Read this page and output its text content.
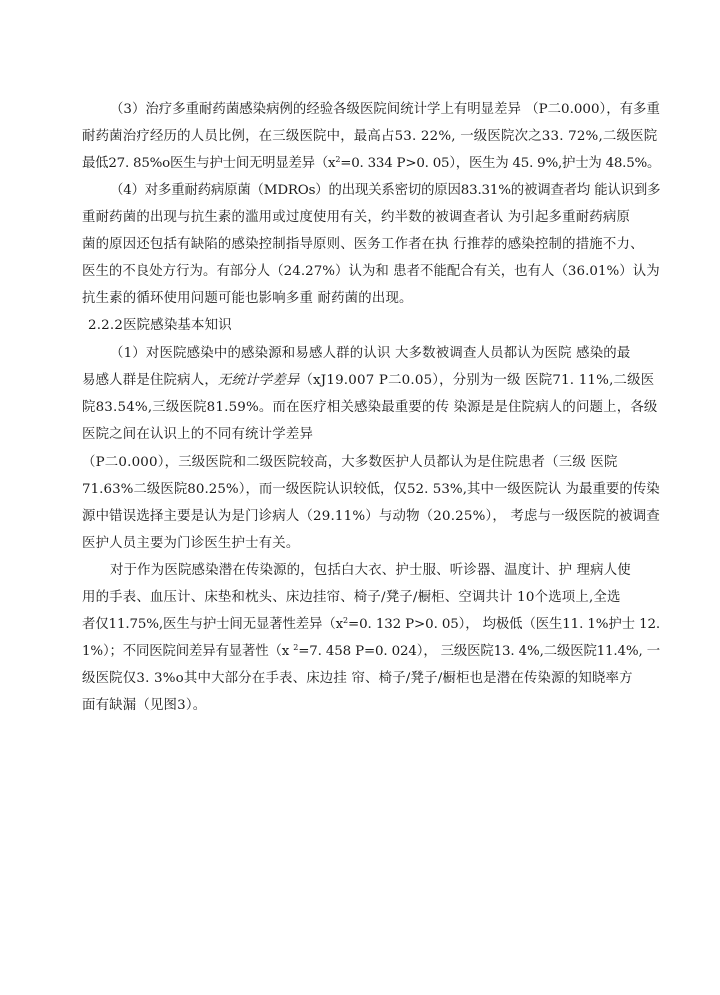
（3）治疗多重耐药菌感染病例的经验各级医院间统计学上有明显差异 （P二0.000），有多重
耐药菌治疗经历的人员比例，在三级医院中，最高占53. 22%, 一级医院次之33. 72%,二级医院
最低27. 85%o医生与护士间无明显差异（$x^2=0$. 334 P>0. 05），医生为 45. 9%,护士为 48.5%。
（4）对多重耐药病原菌（MDROs）的出现关系密切的原因83.31%的被调查者均 能认识到多
重耐药菌的出现与抗生素的滥用或过度使用有关，约半数的被调查者认 为引起多重耐药病原
菌的原因还包括有缺陷的感染控制指导原则、医务工作者在执 行推荐的感染控制的措施不力、
医生的不良处方行为。有部分人（24.27%）认为和 患者不能配合有关，也有人（36.01%）认为
抗生素的循环使用问题可能也影响多重 耐药菌的出现。
2.2.2医院感染基本知识
（1）对医院感染中的感染源和易感人群的认识 大多数被调查人员都认为医院 感染的最
易感人群是住院病人，无统计学差异（xJ19.007 P二0.05），分别为一级 医院71. 11%,二级医
院83.54%,三级医院81.59%。而在医疗相关感染最重要的传 染源是是住院病人的问题上，各级
医院之间在认识上的不同有统计学差异
（P二0.000），三级医院和二级医院较高，大多数医护人员都认为是住院患者（三级 医院
71.63%二级医院80.25%），而一级医院认识较低，仅52. 53%,其中一级医院认 为最重要的传染
源中错误选择主要是认为是门诊病人（29.11%）与动物（20.25%）， 考虑与一级医院的被调查
医护人员主要为门诊医生护士有关。
对于作为医院感染潜在传染源的，包括白大衣、护士服、听诊器、温度计、护 理病人使
用的手表、血压计、床垫和枕头、床边挂帘、椅子/凳子/橱柜、空调共计 10个选项上,全选
者仅11.75%,医生与护士间无显著性差异（$x^2=0$. 132 P>0. 05）， 均极低（医生11. 1%护士 12.
1%）；不同医院间差异有显著性（x $^2$=7. 458 P=0. 024）， 三级医院13. 4%,二级医院11.4%, 一
级医院仅3. 3%o其中大部分在手表、床边挂 帘、椅子/凳子/橱柜也是潜在传染源的知晓率方
面有缺漏（见图3）。
